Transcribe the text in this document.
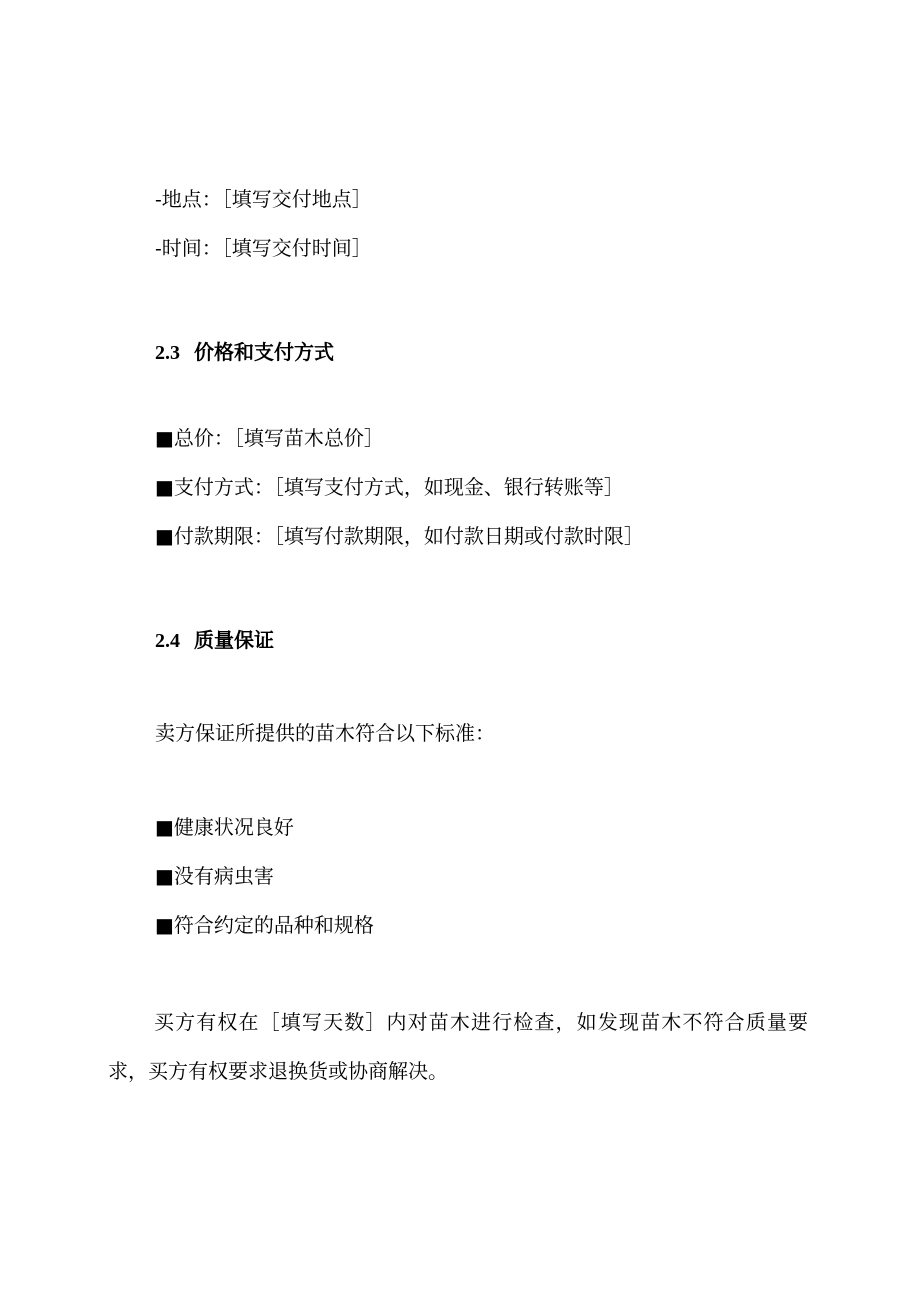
-地点：［填写交付地点］
-时间：［填写交付时间］
2.3 价格和支付方式
■总价：［填写苗木总价］
■支付方式：［填写支付方式，如现金、银行转账等］
■付款期限：［填写付款期限，如付款日期或付款时限］
2.4 质量保证
卖方保证所提供的苗木符合以下标准：
■健康状况良好
■没有病虫害
■符合约定的品种和规格
买方有权在［填写天数］内对苗木进行检查，如发现苗木不符合质量要求，买方有权要求退换货或协商解决。
